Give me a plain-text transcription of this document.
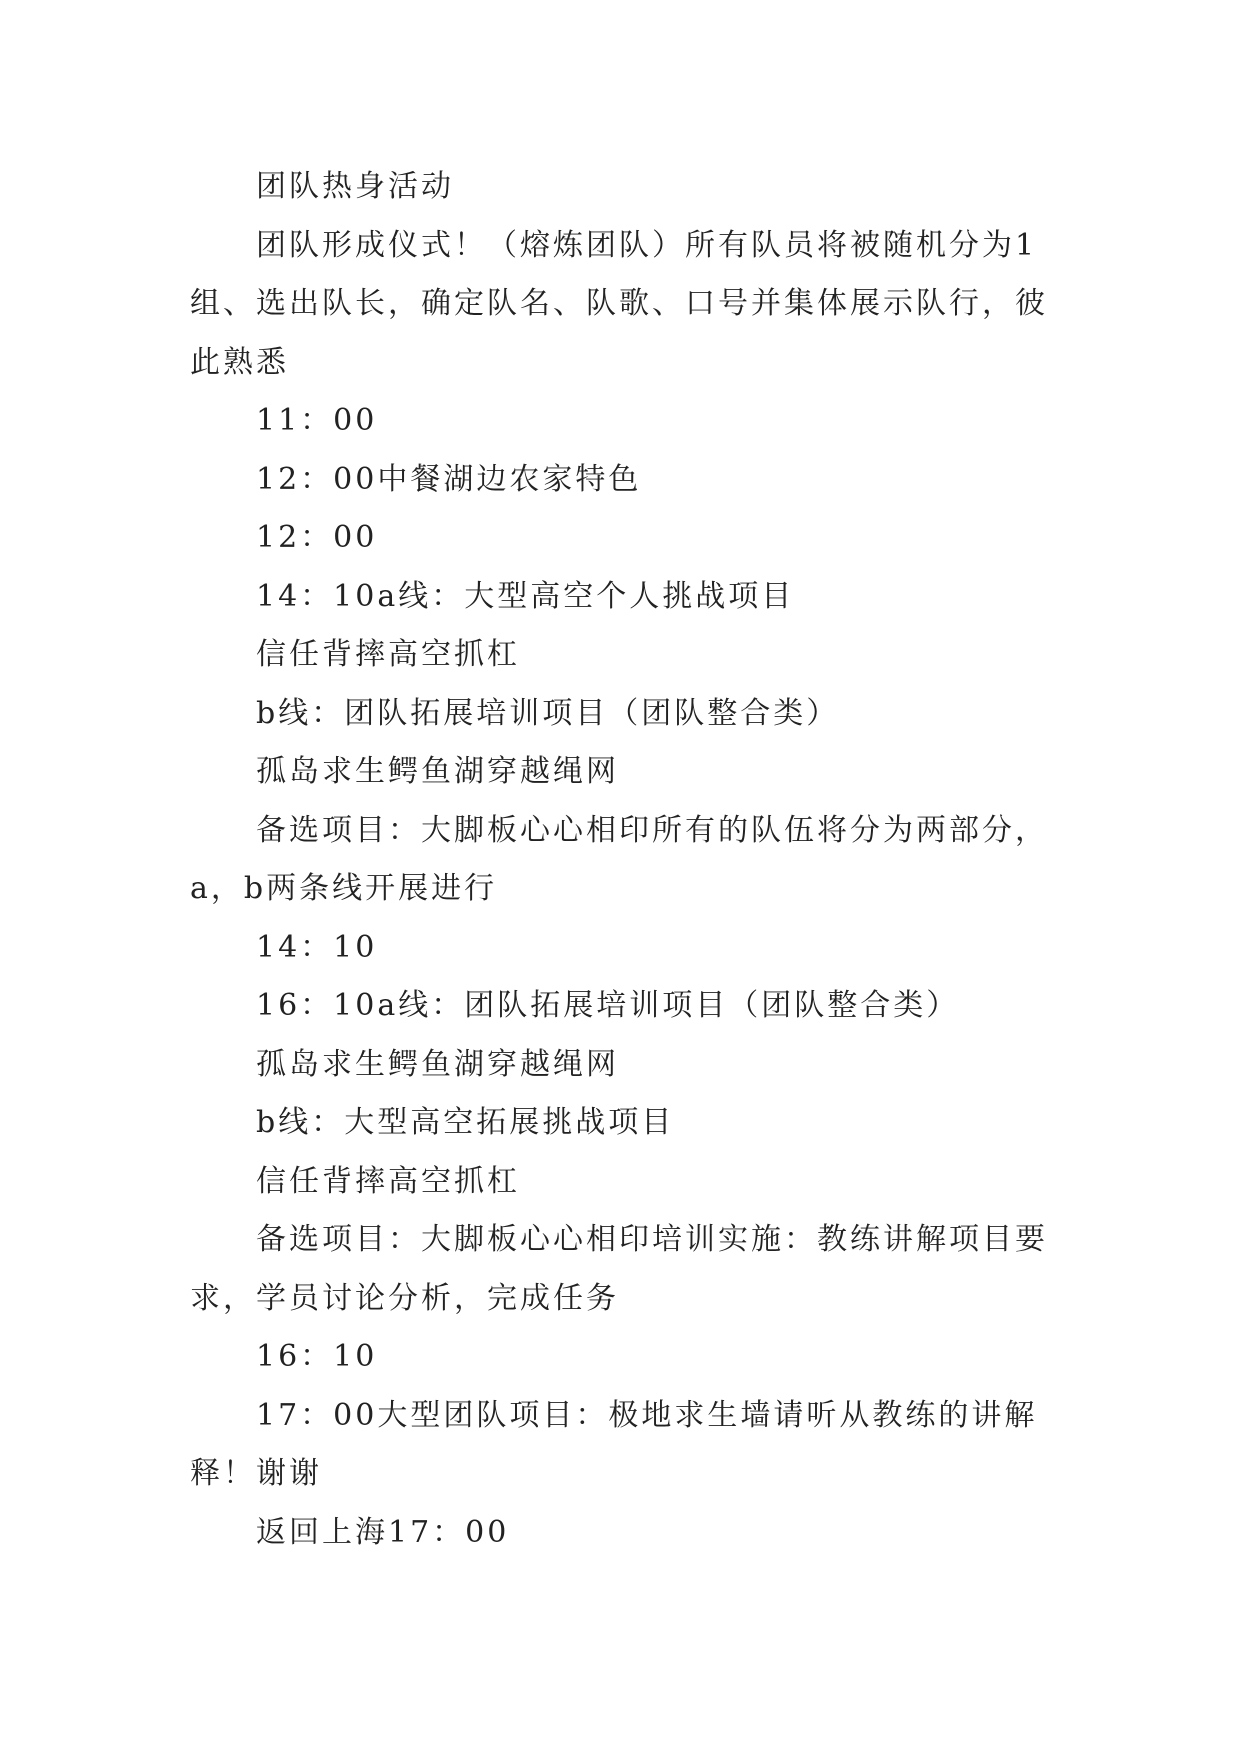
团队热身活动

团队形成仪式！（熔炼团队）所有队员将被随机分为1组、选出队长，确定队名、队歌、口号并集体展示队行，彼此熟悉

11：00

12：00中餐湖边农家特色

12：00

14：10a线：大型高空个人挑战项目

信任背摔高空抓杠

b线：团队拓展培训项目（团队整合类）

孤岛求生鳄鱼湖穿越绳网

备选项目：大脚板心心相印所有的队伍将分为两部分，a，b两条线开展进行

14：10

16：10a线：团队拓展培训项目（团队整合类）

孤岛求生鳄鱼湖穿越绳网

b线：大型高空拓展挑战项目

信任背摔高空抓杠

备选项目：大脚板心心相印培训实施：教练讲解项目要求，学员讨论分析，完成任务

16：10

17：00大型团队项目：极地求生墙请听从教练的讲解释！谢谢

返回上海17：00
